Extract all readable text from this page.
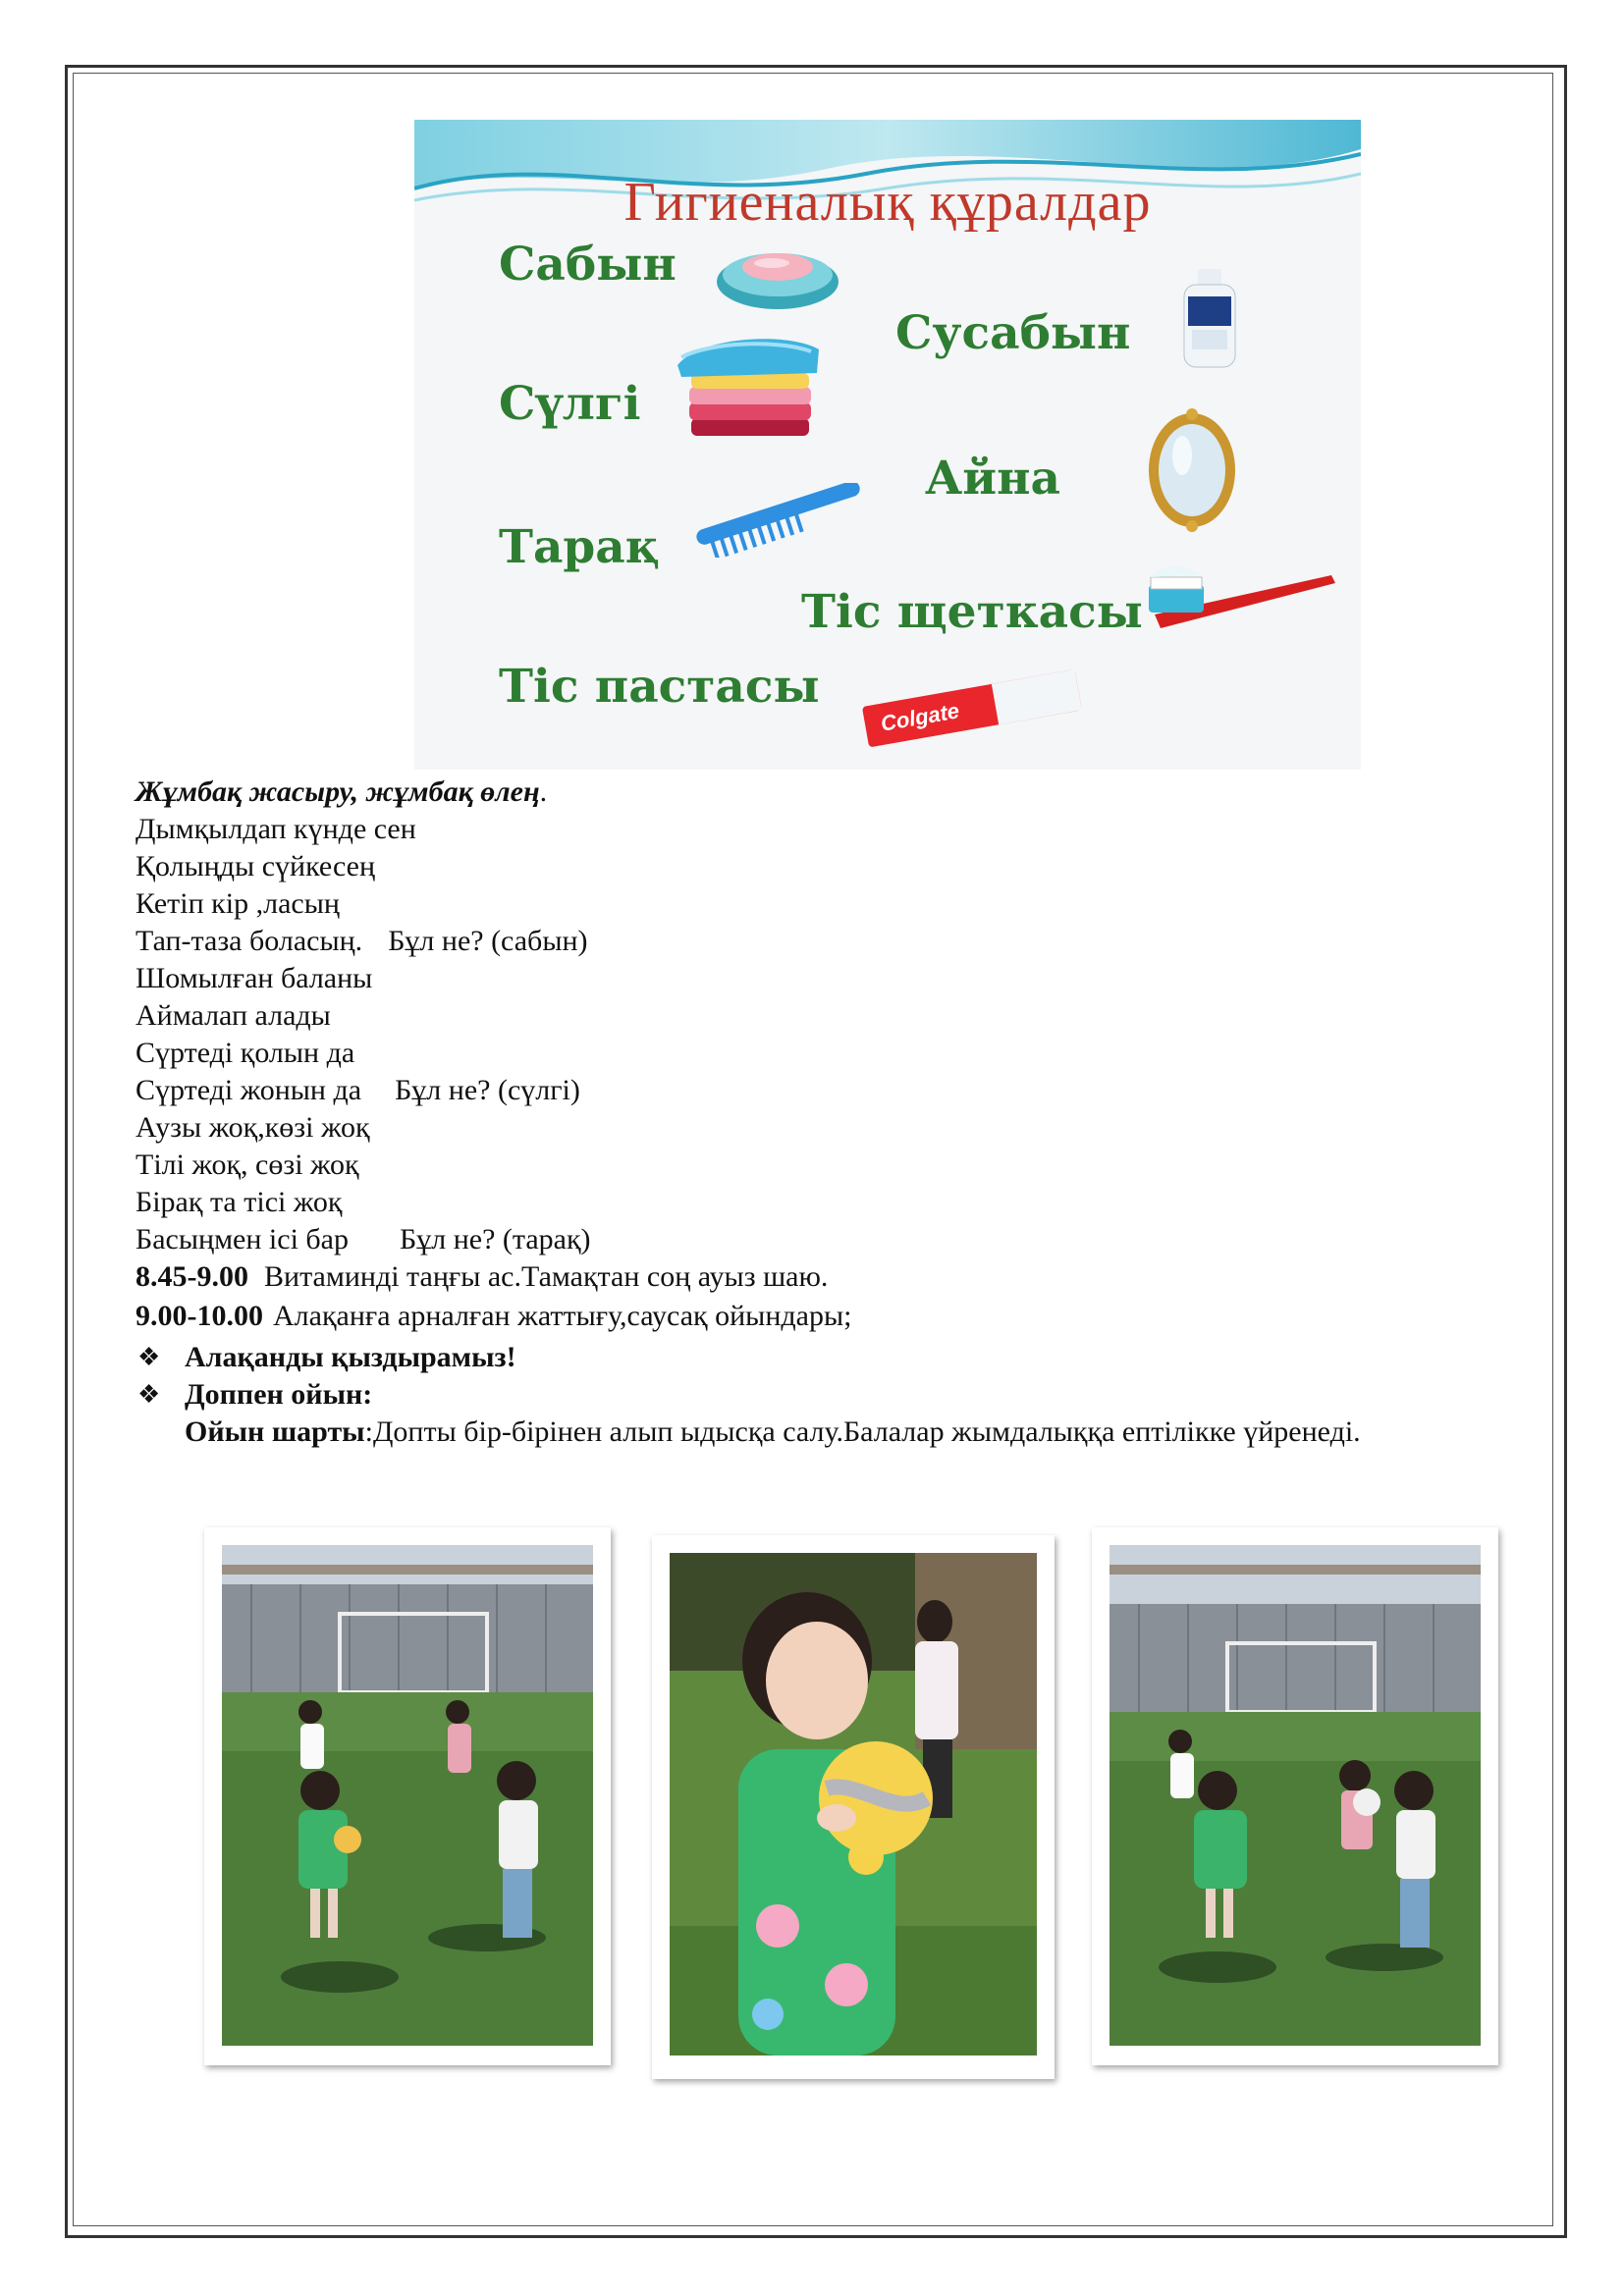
Гигиеналық құралдар
Сабын
Сусабын
Сүлгі
Айна
Тарақ
Тіс щеткасы
Тіс пастасы
Colgate
Жұмбақ жасыру, жұмбақ өлең.
Дымқылдап күнде сен
Қолыңды сүйкесең
Кетіп кір ,ласың
Тап-таза боласың. Бұл не? (сабын)
Шомылған баланы
Аймалап алады
Сүртеді қолын да
Сүртеді жонын да Бұл не? (сүлгі)
Аузы жоқ,көзі жоқ
Тілі жоқ, сөзі жоқ
Бірақ та тісі жоқ
Басыңмен ісі бар Бұл не? (тарақ)
8.45-9.00 Витаминді таңғы ас.Тамақтан соң ауыз шаю.
9.00-10.00 Алақанға арналған жаттығу,саусақ ойындары;
❖ Алақанды қыздырамыз!
❖ Доппен ойын:
Ойын шарты:Допты бір-бірінен алып ыдысқа салу.Балалар жымдалыққа ептілікке үйренеді.
